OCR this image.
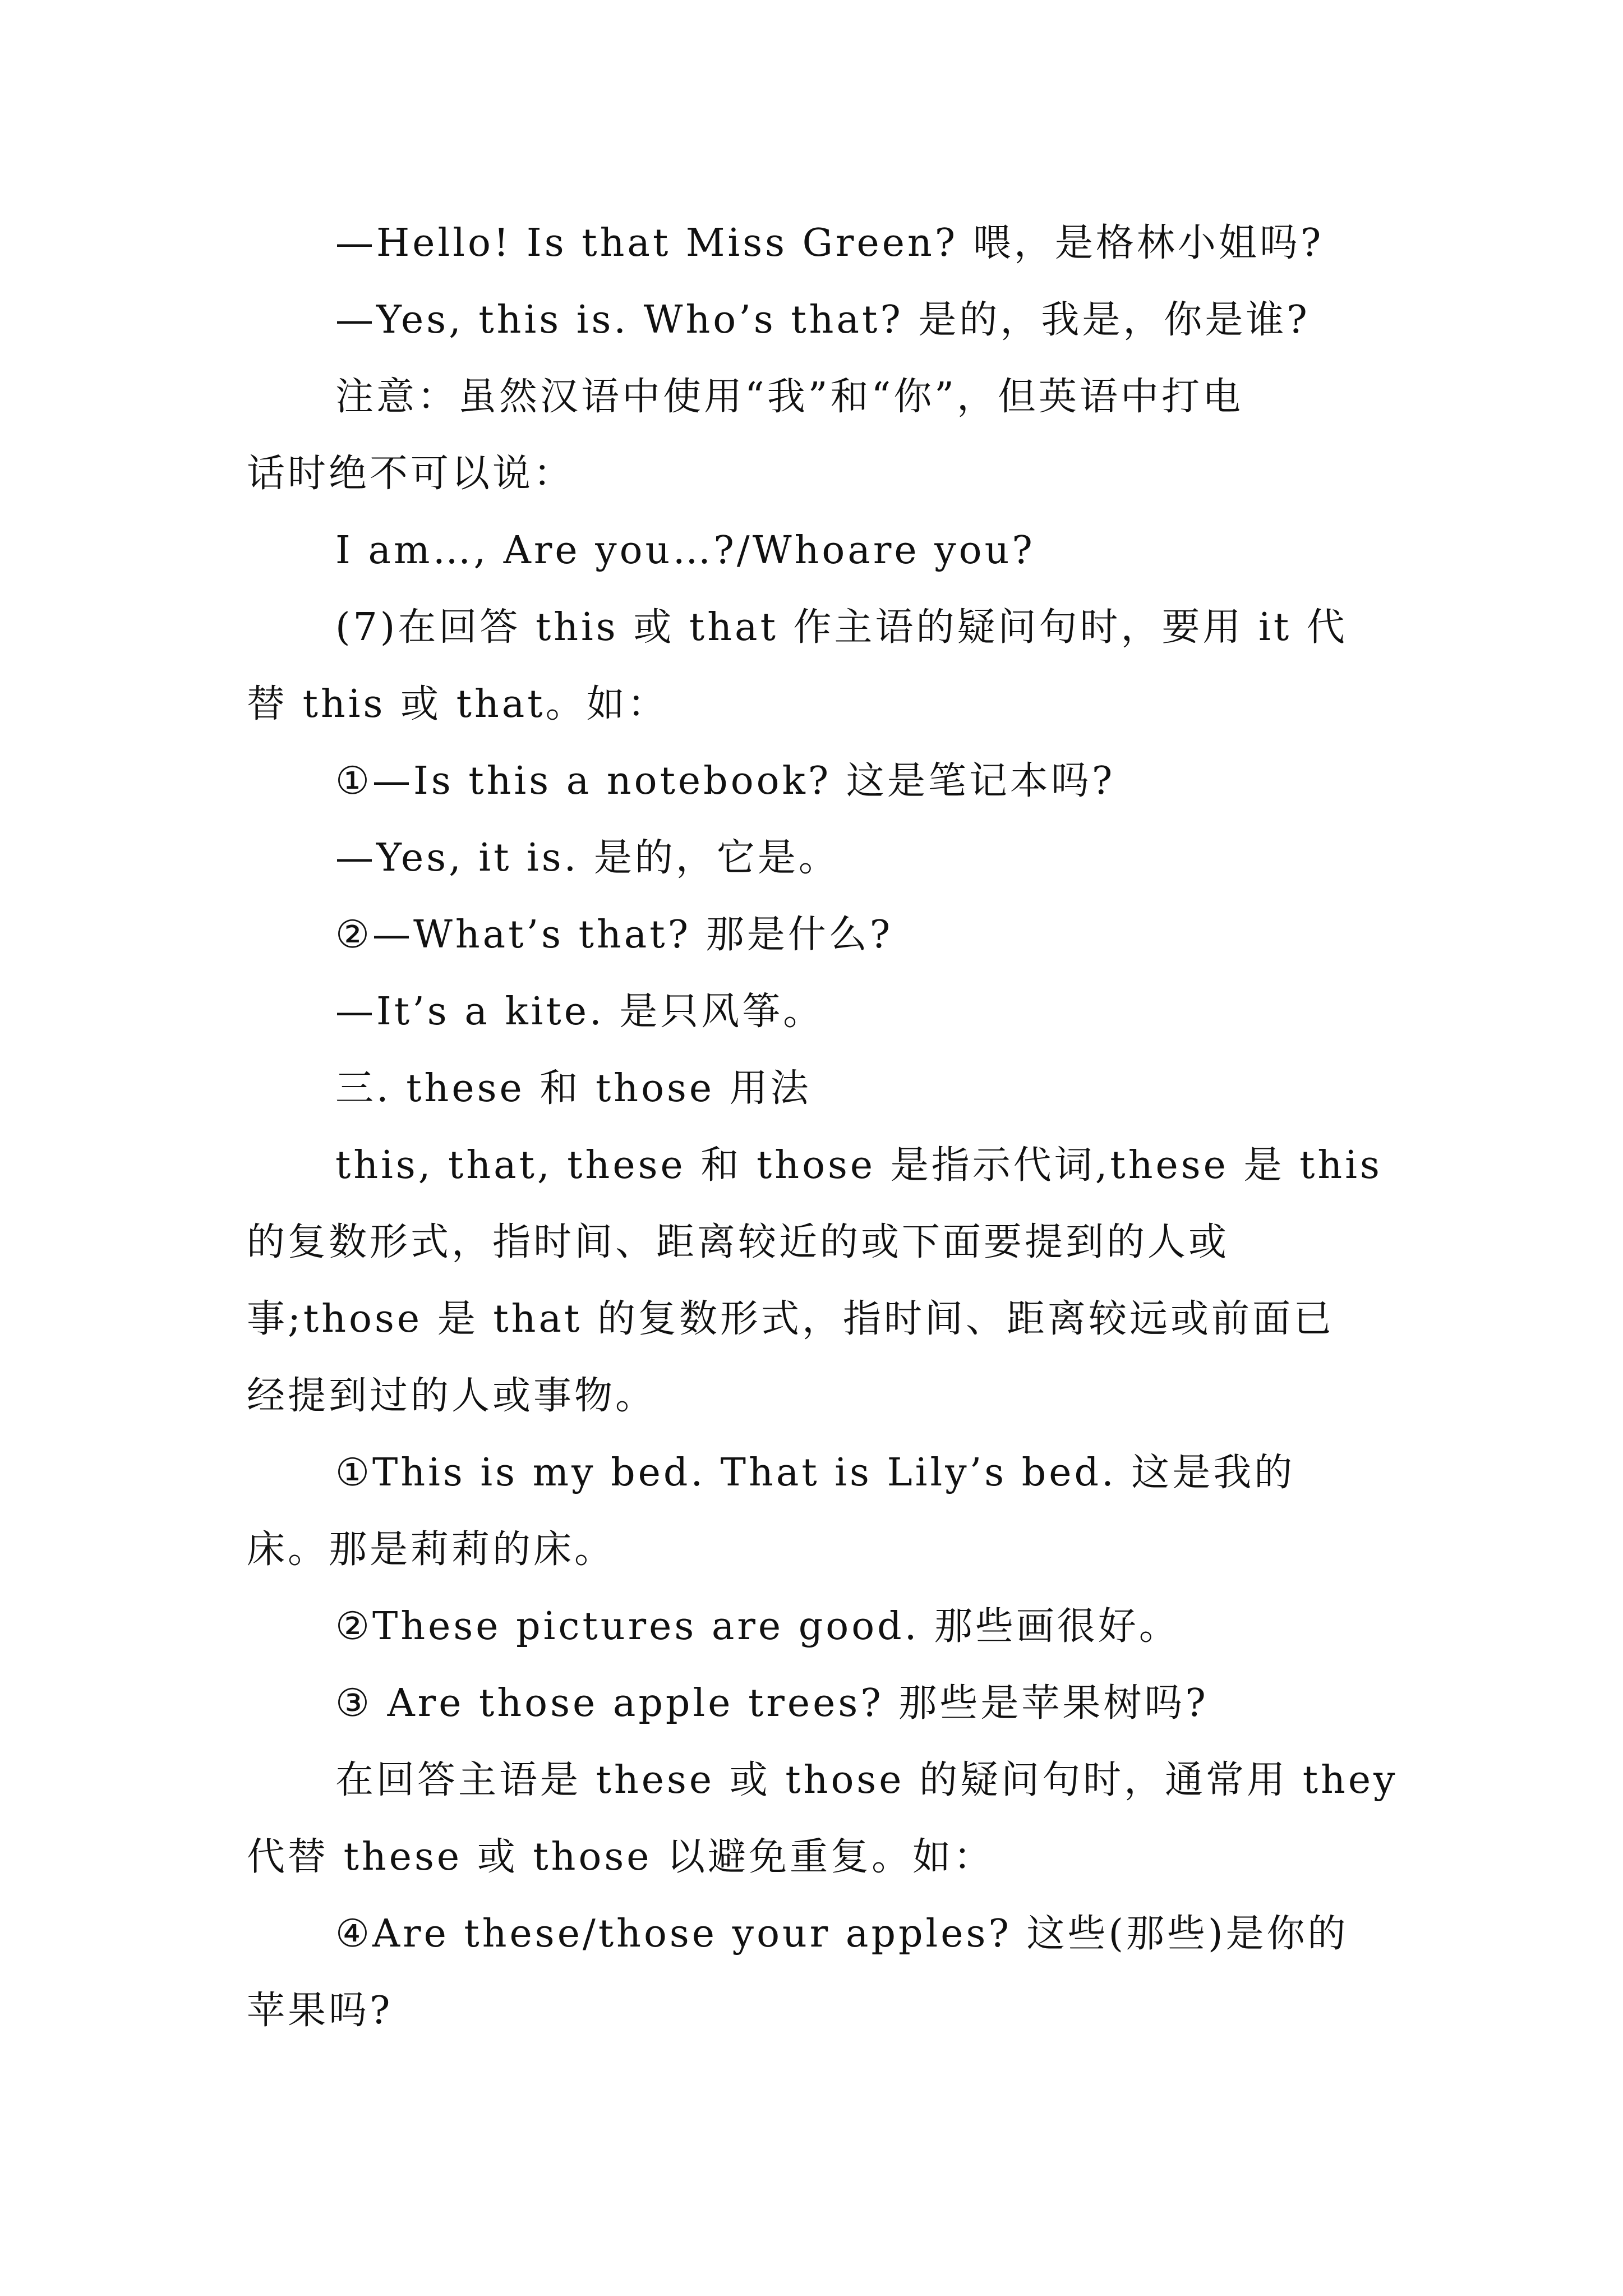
—Hello! Is that Miss Green? 喂，是格林小姐吗?
—Yes, this is. Who’s that? 是的，我是，你是谁?
注意：虽然汉语中使用“我”和“你”，但英语中打电
话时绝不可以说：
I am…, Are you…?/Whoare you?
(7)在回答 this 或 that 作主语的疑问句时，要用 it 代
替 this 或 that。如：
①—Is this a notebook? 这是笔记本吗?
—Yes, it is. 是的，它是。
②—What’s that? 那是什么?
—It’s a kite. 是只风筝。
三. these 和 those 用法
this, that, these 和 those 是指示代词,these 是 this
的复数形式，指时间、距离较近的或下面要提到的人或
事;those 是 that 的复数形式，指时间、距离较远或前面已
经提到过的人或事物。
①This is my bed. That is Lily’s bed. 这是我的
床。那是莉莉的床。
②These pictures are good. 那些画很好。
③ Are those apple trees? 那些是苹果树吗?
在回答主语是 these 或 those 的疑问句时，通常用 they
代替 these 或 those 以避免重复。如：
④Are these/those your apples? 这些(那些)是你的
苹果吗?
